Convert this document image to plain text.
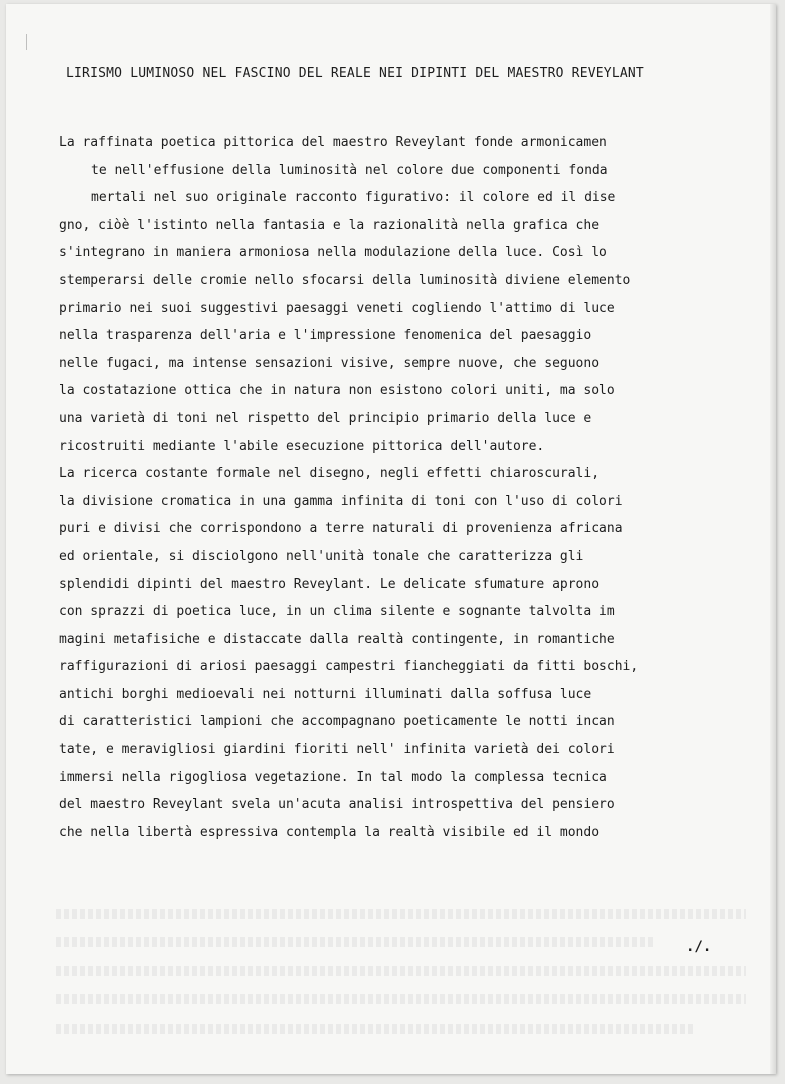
LIRISMO LUMINOSO NEL FASCINO DEL REALE NEI DIPINTI DEL MAESTRO REVEYLANT
La raffinata poetica pittorica del maestro Reveylant fonde armonicamen
te nell'effusione della luminosità nel colore due componenti fonda
mertali nel suo originale racconto figurativo: il colore ed il dise
gno, ciòè l'istinto nella fantasia e la razionalità nella grafica che
s'integrano in maniera armoniosa nella modulazione della luce. Così lo
stemperarsi delle cromie nello sfocarsi della luminosità diviene elemento
primario nei suoi suggestivi paesaggi veneti cogliendo l'attimo di luce
nella trasparenza dell'aria e l'impressione fenomenica del paesaggio
nelle fugaci, ma intense sensazioni visive, sempre nuove, che seguono
la costatazione ottica che in natura non esistono colori uniti, ma solo
una varietà di toni nel rispetto del principio primario della luce e
ricostruiti mediante l'abile esecuzione pittorica dell'autore.
La ricerca costante formale nel disegno, negli effetti chiaroscurali,
la divisione cromatica in una gamma infinita di toni con l'uso di colori
puri e divisi che corrispondono a terre naturali di provenienza africana
ed orientale, si disciolgono nell'unità tonale che caratterizza gli
splendidi dipinti del maestro Reveylant. Le delicate sfumature aprono
con sprazzi di poetica luce, in un clima silente e sognante talvolta im
magini metafisiche e distaccate dalla realtà contingente, in romantiche
raffigurazioni di ariosi paesaggi campestri fiancheggiati da fitti boschi,
antichi borghi medioevali nei notturni illuminati dalla soffusa luce
di caratteristici lampioni che accompagnano poeticamente le notti incan
tate, e meravigliosi giardini fioriti nell' infinita varietà dei colori
immersi nella rigogliosa vegetazione. In tal modo la complessa tecnica
del maestro Reveylant svela un'acuta analisi introspettiva del pensiero
che nella libertà espressiva contempla la realtà visibile ed il mondo
./.
